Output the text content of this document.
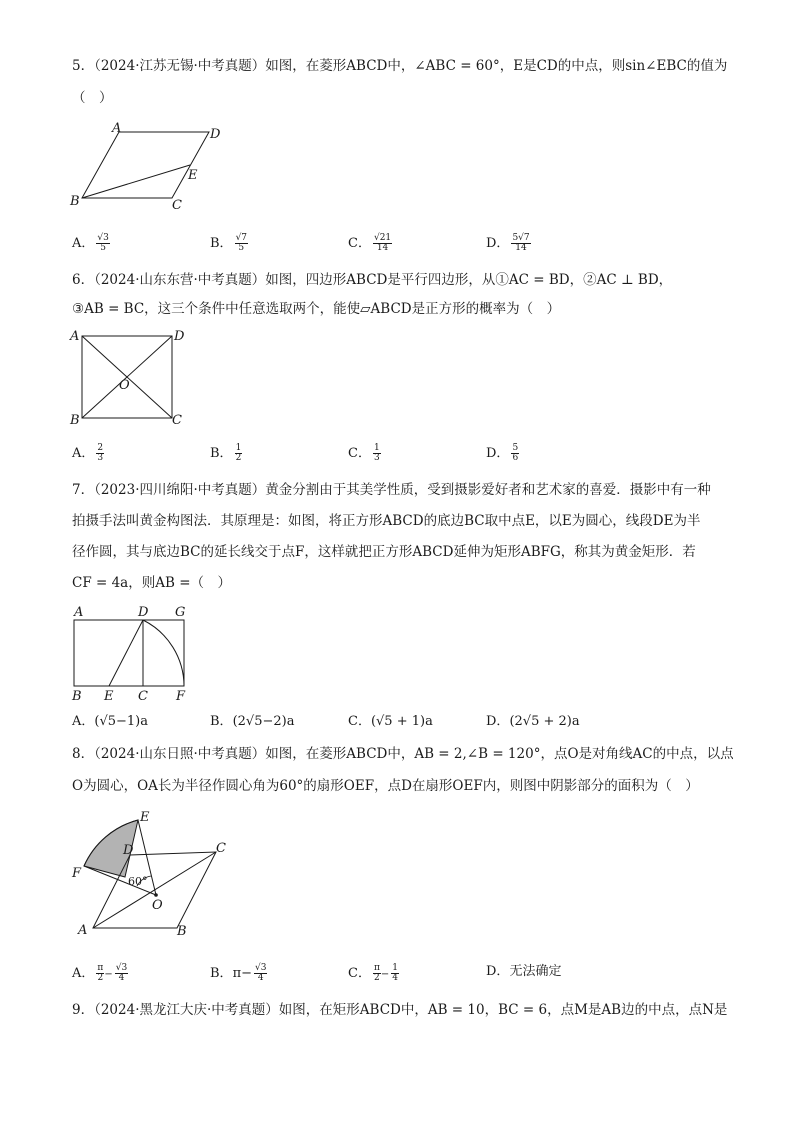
5．（2024·江苏无锡·中考真题）如图，在菱形ABCD中，∠ABC = 60°，E是CD的中点，则sin∠EBC的值为
（　）
A	D
E
B	C
A． $\frac{√3}{5}$	B． $\frac{√7}{5}$	C． $\frac{√21}{14}$	D． $\frac{5√7}{14}$
6．（2024·山东东营·中考真题）如图，四边形ABCD是平行四边形，从①AC = BD，②AC ⊥ BD，
③AB = BC，这三个条件中任意选取两个，能使▱ABCD是正方形的概率为（　）
A	D
O
B	C
A． $\frac{2}{3}$	B． $\frac{1}{2}$	C． $\frac{1}{3}$	D． $\frac{5}{6}$
7．（2023·四川绵阳·中考真题）黄金分割由于其美学性质，受到摄影爱好者和艺术家的喜爱．摄影中有一种
拍摄手法叫黄金构图法．其原理是：如图，将正方形ABCD的底边BC取中点E，以E为圆心，线段DE为半
径作圆，其与底边BC的延长线交于点F，这样就把正方形ABCD延伸为矩形ABFG，称其为黄金矩形．若
CF = 4a，则AB =（　）
A	D G
B E C F
A．(√5−1)a	B．(2√5−2)a	C．(√5 + 1)a	D．(2√5 + 2)a
8．（2024·山东日照·中考真题）如图，在菱形ABCD中，AB = 2,∠B = 120°，点O是对角线AC的中点，以点
O为圆心，OA长为半径作圆心角为60°的扇形OEF，点D在扇形OEF内，则图中阴影部分的面积为（　）
E
D	C
F
60°
O
A	B
A． $\frac{\pi}{2} - \frac{√3}{4}$	B．$\pi- \frac{√3}{4}$	C． $\frac{\pi}{2} - \frac{1}{4}$	D．无法确定
9．（2024·黑龙江大庆·中考真题）如图，在矩形ABCD中，AB = 10，BC = 6，点M是AB边的中点，点N是
